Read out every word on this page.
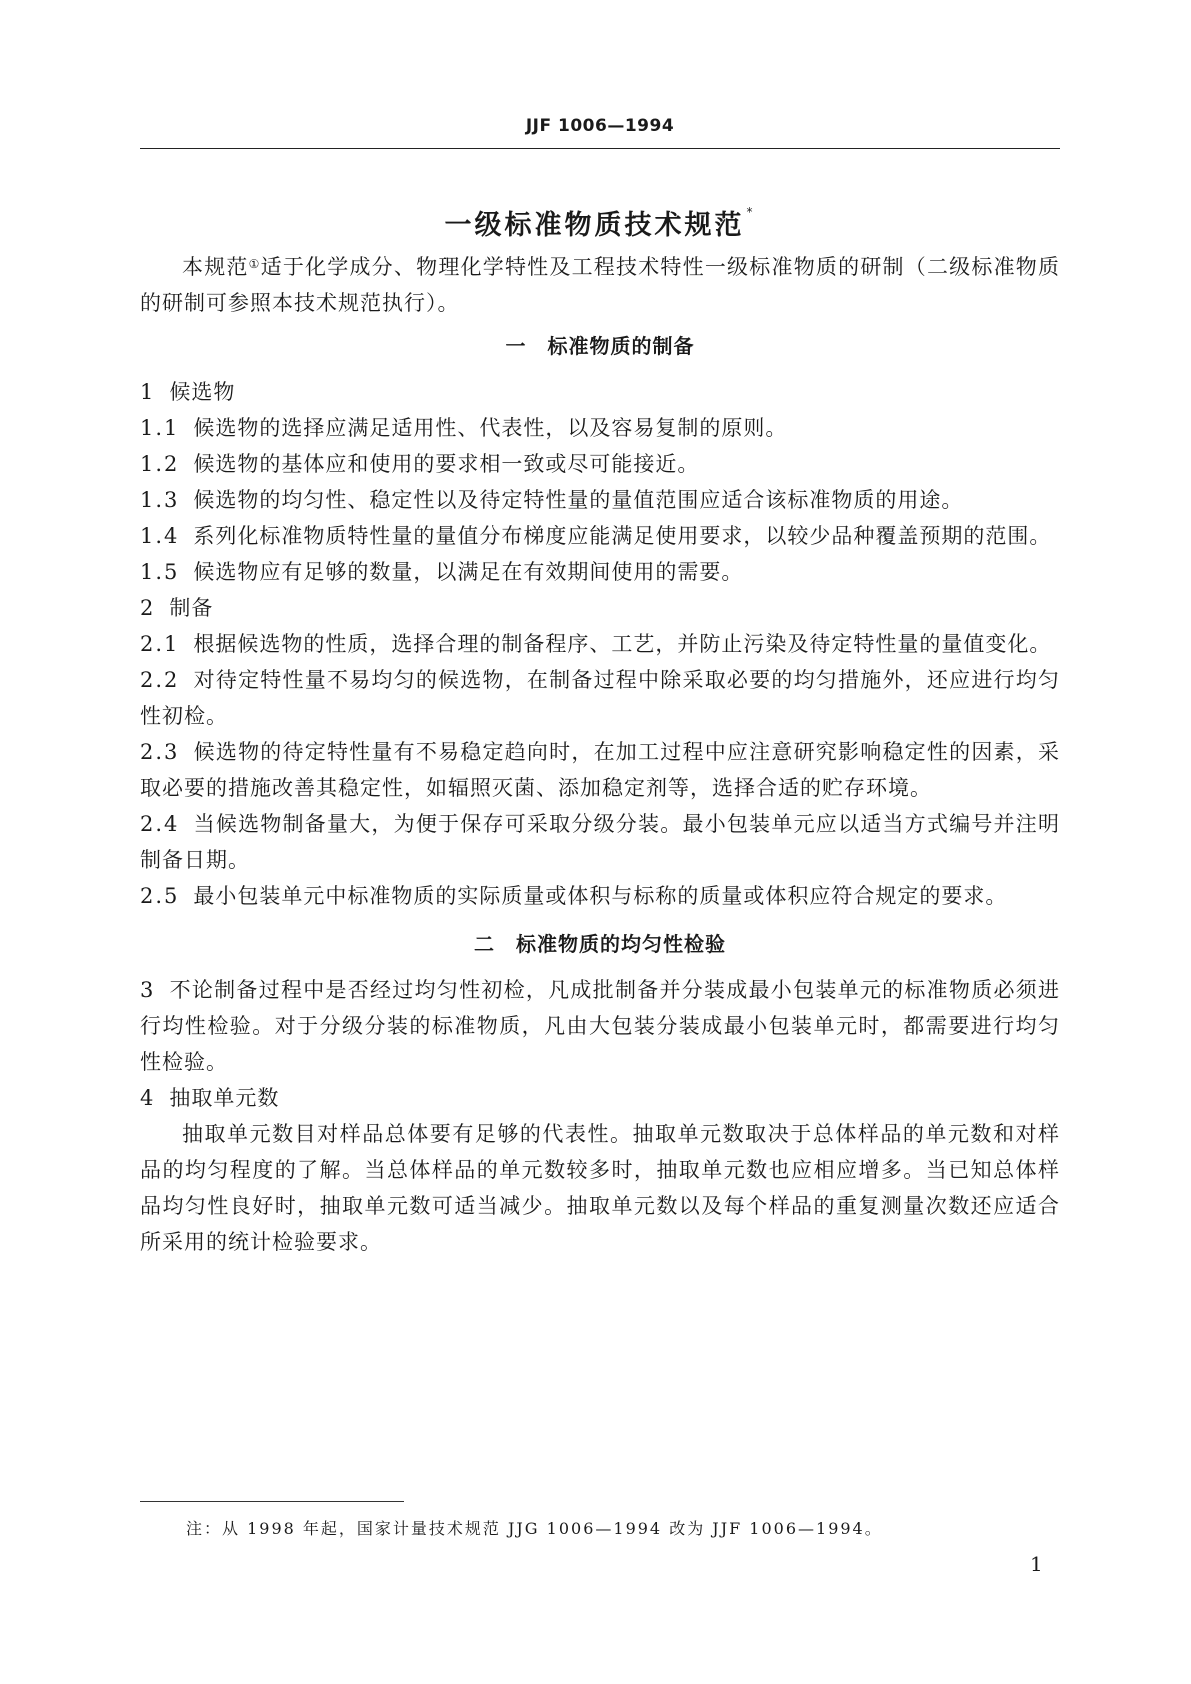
JJF 1006—1994
一级标准物质技术规范 *

本规范①适于化学成分、物理化学特性及工程技术特性一级标准物质的研制（二级标准物质的研制可参照本技术规范执行）。

一　标准物质的制备

1 候选物

1.1 候选物的选择应满足适用性、代表性，以及容易复制的原则。

1.2 候选物的基体应和使用的要求相一致或尽可能接近。

1.3 候选物的均匀性、稳定性以及待定特性量的量值范围应适合该标准物质的用途。

1.4 系列化标准物质特性量的量值分布梯度应能满足使用要求，以较少品种覆盖预期的范围。

1.5 候选物应有足够的数量，以满足在有效期间使用的需要。

2 制备

2.1 根据候选物的性质，选择合理的制备程序、工艺，并防止污染及待定特性量的量值变化。

2.2 对待定特性量不易均匀的候选物，在制备过程中除采取必要的均匀措施外，还应进行均匀性初检。

2.3 候选物的待定特性量有不易稳定趋向时，在加工过程中应注意研究影响稳定性的因素，采取必要的措施改善其稳定性，如辐照灭菌、添加稳定剂等，选择合适的贮存环境。

2.4 当候选物制备量大，为便于保存可采取分级分装。最小包装单元应以适当方式编号并注明制备日期。

2.5 最小包装单元中标准物质的实际质量或体积与标称的质量或体积应符合规定的要求。

二　标准物质的均匀性检验

3 不论制备过程中是否经过均匀性初检，凡成批制备并分装成最小包装单元的标准物质必须进行均性检验。对于分级分装的标准物质，凡由大包装分装成最小包装单元时，都需要进行均匀性检验。

4 抽取单元数

抽取单元数目对样品总体要有足够的代表性。抽取单元数取决于总体样品的单元数和对样品的均匀程度的了解。当总体样品的单元数较多时，抽取单元数也应相应增多。当已知总体样品均匀性良好时，抽取单元数可适当减少。抽取单元数以及每个样品的重复测量次数还应适合所采用的统计检验要求。

注：从 1998 年起，国家计量技术规范 JJG 1006—1994 改为 JJF 1006—1994。
1
